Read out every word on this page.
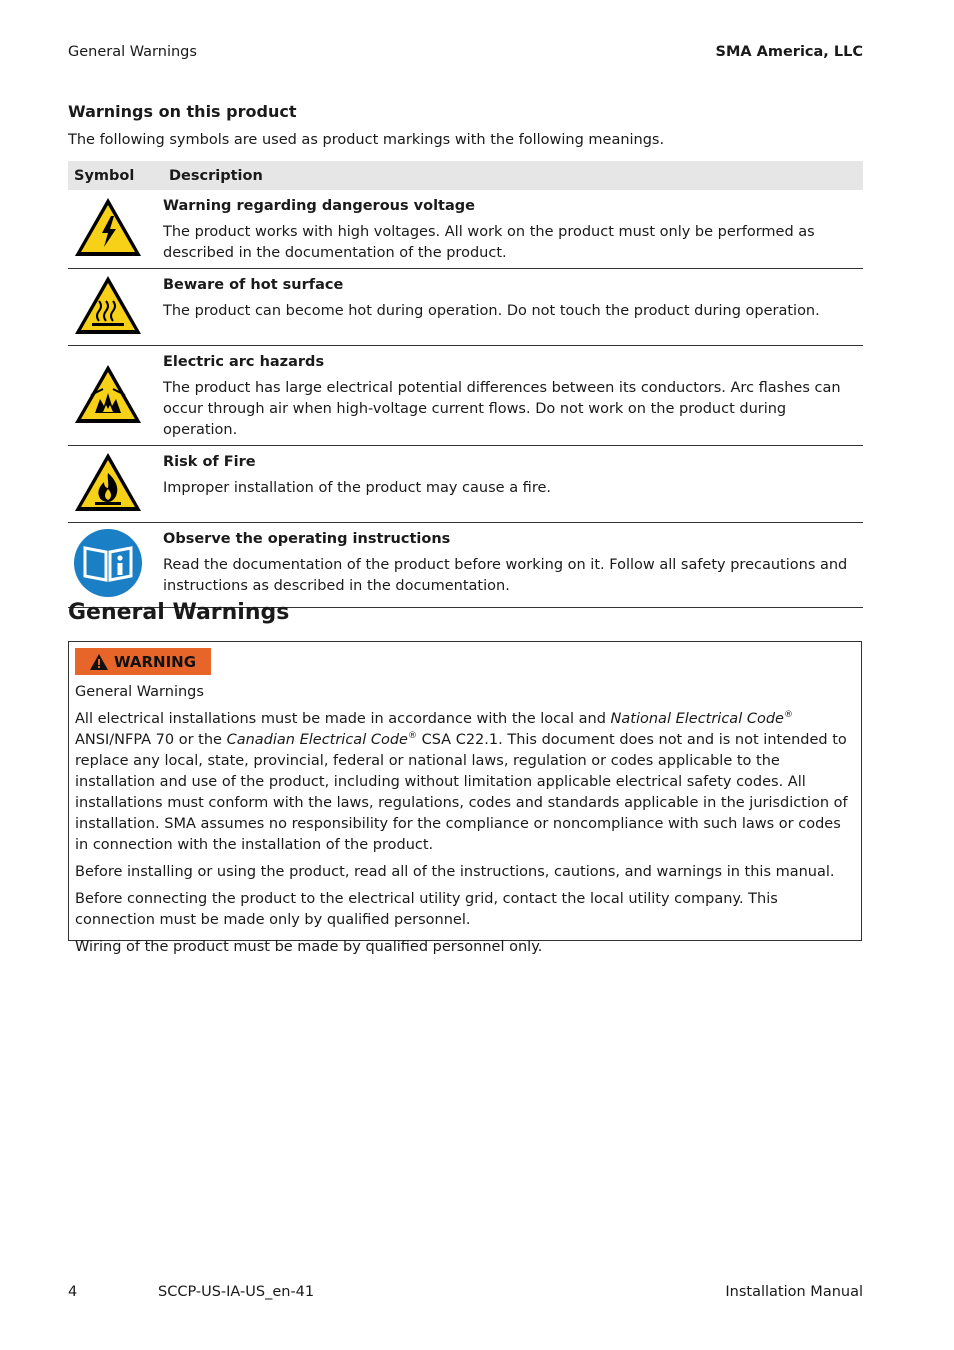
General Warnings	SMA America, LLC
Warnings on this product
The following symbols are used as product markings with the following meanings.
Symbol	Description

Warning regarding dangerous voltage
The product works with high voltages. All work on the product must only be performed as described in the documentation of the product.

Beware of hot surface
The product can become hot during operation. Do not touch the product during operation.

Electric arc hazards
The product has large electrical potential differences between its conductors. Arc flashes can occur through air when high-voltage current flows. Do not work on the product during operation.

Risk of Fire
Improper installation of the product may cause a fire.

Observe the operating instructions
Read the documentation of the product before working on it. Follow all safety precautions and instructions as described in the documentation.
General Warnings
WARNING

General Warnings

All electrical installations must be made in accordance with the local and National Electrical Code® ANSI/NFPA 70 or the Canadian Electrical Code® CSA C22.1. This document does not and is not intended to replace any local, state, provincial, federal or national laws, regulation or codes applicable to the installation and use of the product, including without limitation applicable electrical safety codes. All installations must conform with the laws, regulations, codes and standards applicable in the jurisdiction of installation. SMA assumes no responsibility for the compliance or noncompliance with such laws or codes in connection with the installation of the product.

Before installing or using the product, read all of the instructions, cautions, and warnings in this manual.

Before connecting the product to the electrical utility grid, contact the local utility company. This connection must be made only by qualified personnel.

Wiring of the product must be made by qualified personnel only.

4	SCCP-US-IA-US_en-41	Installation Manual
